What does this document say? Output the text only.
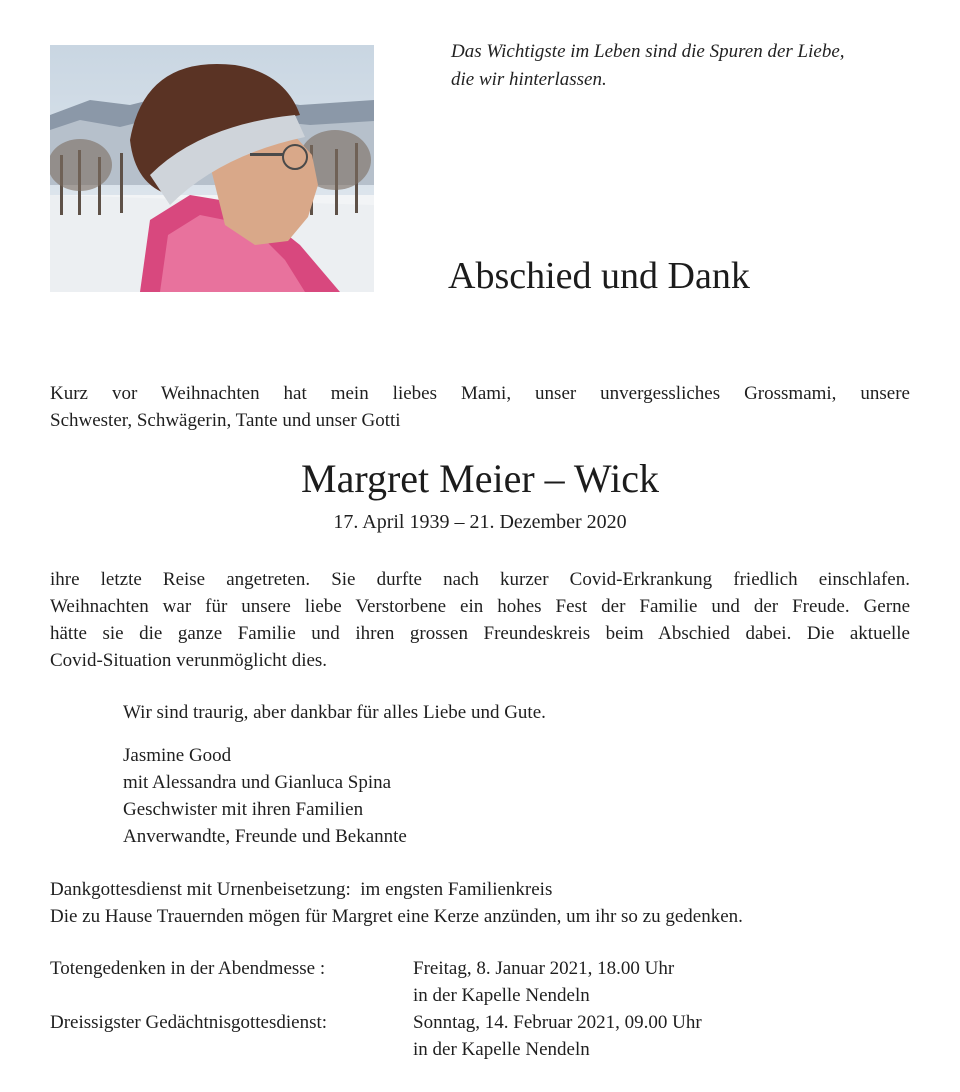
Das Wichtigste im Leben sind die Spuren der Liebe,
die wir hinterlassen.
Abschied und Dank
Kurz vor Weihnachten hat mein liebes Mami, unser unvergessliches Grossmami, unsere
Schwester, Schwägerin, Tante und unser Gotti
Margret Meier – Wick
17. April 1939 – 21. Dezember 2020
ihre letzte Reise angetreten. Sie durfte nach kurzer Covid-Erkrankung friedlich einschlafen.
Weihnachten war für unsere liebe Verstorbene ein hohes Fest der Familie und der Freude. Gerne
hätte sie die ganze Familie und ihren grossen Freundeskreis beim Abschied dabei. Die aktuelle
Covid-Situation verunmöglicht dies.
Wir sind traurig, aber dankbar für alles Liebe und Gute.
Jasmine Good
mit Alessandra und Gianluca Spina
Geschwister mit ihren Familien
Anverwandte, Freunde und Bekannte
Dankgottesdienst mit Urnenbeisetzung:  im engsten Familienkreis
Die zu Hause Trauernden mögen für Margret eine Kerze anzünden, um ihr so zu gedenken.
Totengedenken in der Abendmesse :	Freitag, 8. Januar 2021, 18.00 Uhr
in der Kapelle Nendeln
Dreissigster Gedächtnisgottesdienst:	Sonntag, 14. Februar 2021, 09.00 Uhr
in der Kapelle Nendeln
